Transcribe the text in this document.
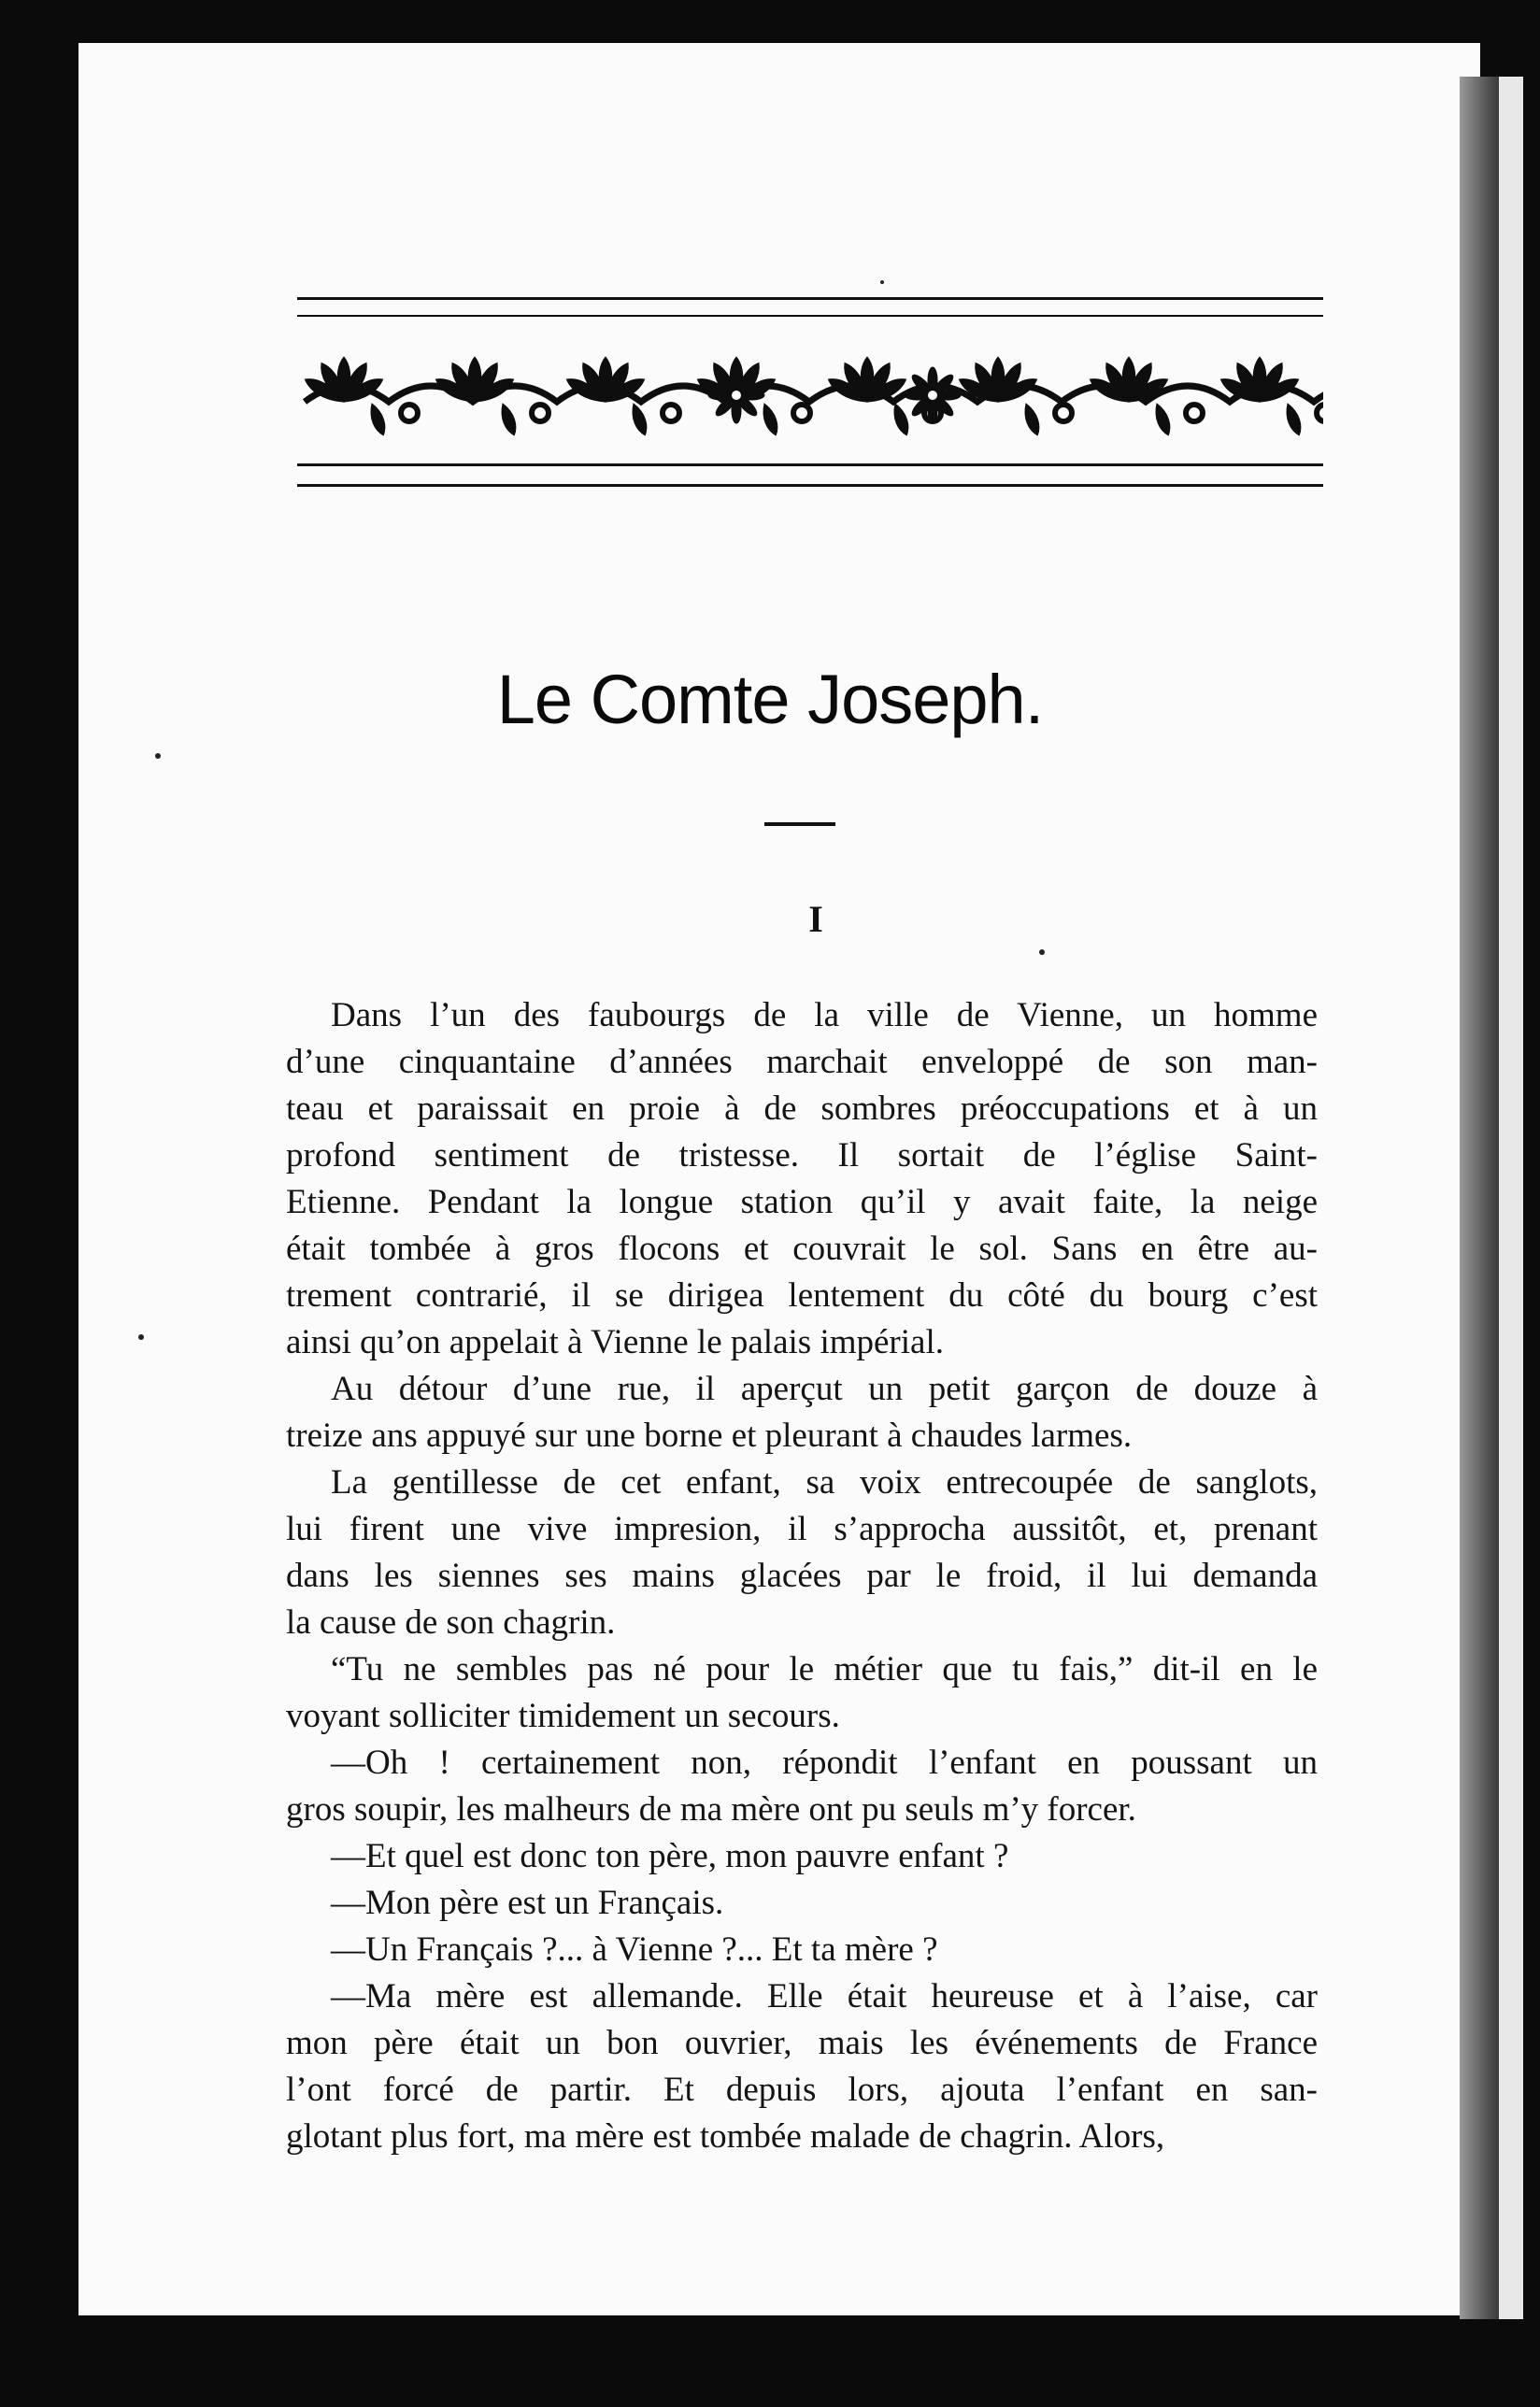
Le Comte Joseph.
I

Dans l’un des faubourgs de la ville de Vienne, un homme
d’une cinquantaine d’années marchait enveloppé de son man-
teau et paraissait en proie à de sombres préoccupations et à un
profond sentiment de tristesse. Il sortait de l’église Saint-
Etienne. Pendant la longue station qu’il y avait faite, la neige
était tombée à gros flocons et couvrait le sol. Sans en être au-
trement contrarié, il se dirigea lentement du côté du bourg c’est
ainsi qu’on appelait à Vienne le palais impérial.

Au détour d’une rue, il aperçut un petit garçon de douze à
treize ans appuyé sur une borne et pleurant à chaudes larmes.

La gentillesse de cet enfant, sa voix entrecoupée de sanglots,
lui firent une vive impresion, il s’approcha aussitôt, et, prenant
dans les siennes ses mains glacées par le froid, il lui demanda
la cause de son chagrin.

“Tu ne sembles pas né pour le métier que tu fais,” dit-il en le
voyant solliciter timidement un secours.

—Oh ! certainement non, répondit l’enfant en poussant un
gros soupir, les malheurs de ma mère ont pu seuls m’y forcer.

—Et quel est donc ton père, mon pauvre enfant ?

—Mon père est un Français.

—Un Français ?... à Vienne ?... Et ta mère ?

—Ma mère est allemande. Elle était heureuse et à l’aise, car
mon père était un bon ouvrier, mais les événements de France
l’ont forcé de partir. Et depuis lors, ajouta l’enfant en san-
glotant plus fort, ma mère est tombée malade de chagrin. Alors,
